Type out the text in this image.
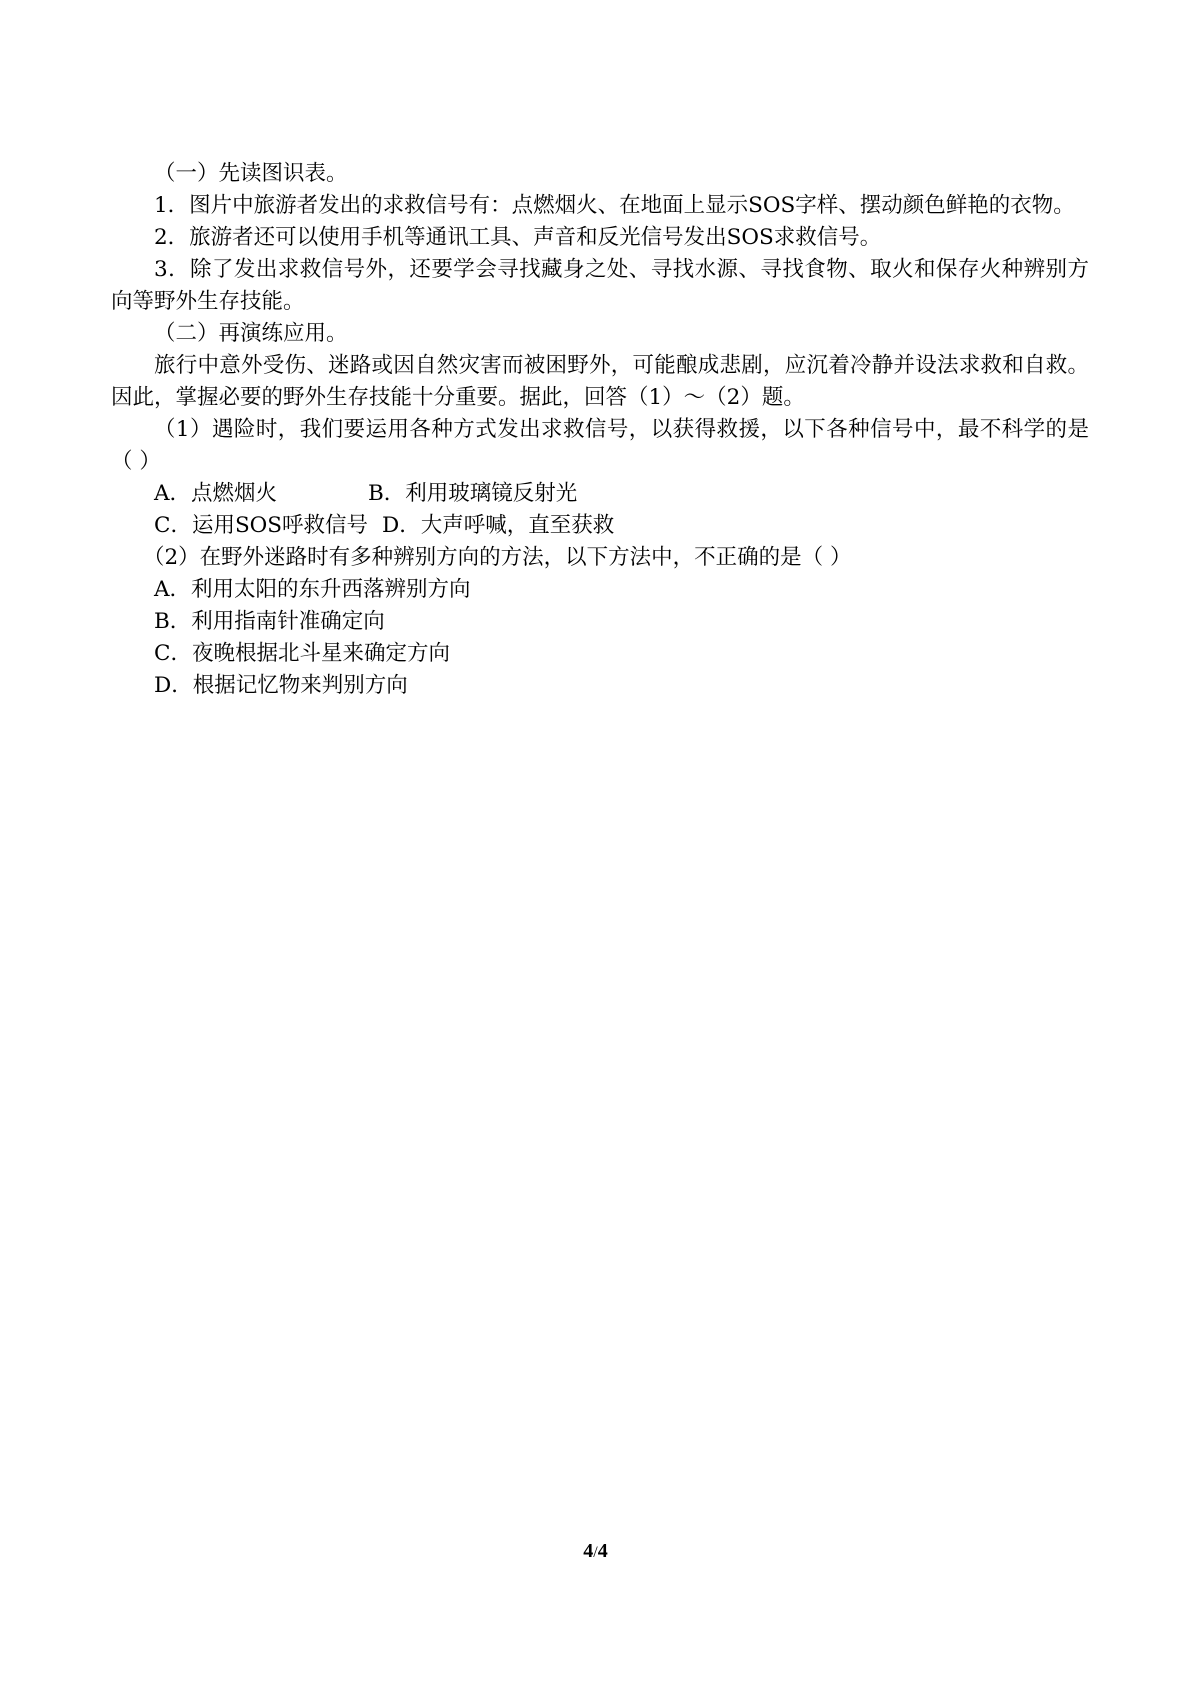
（一）先读图识表。

1．图片中旅游者发出的求救信号有：点燃烟火、在地面上显示SOS字样、摆动颜色鲜艳的衣物。

2．旅游者还可以使用手机等通讯工具、声音和反光信号发出SOS求救信号。

3．除了发出求救信号外，还要学会寻找藏身之处、寻找水源、寻找食物、取火和保存火种辨别方向等野外生存技能。

（二）再演练应用。

旅行中意外受伤、迷路或因自然灾害而被困野外，可能酿成悲剧，应沉着冷静并设法求救和自救。因此，掌握必要的野外生存技能十分重要。据此，回答（1）～（2）题。

（1）遇险时，我们要运用各种方式发出求救信号，以获得救援，以下各种信号中，最不科学的是（ ）

A．点燃烟火	B．利用玻璃镜反射光

C．运用SOS呼救信号 D．大声呼喊，直至获救

（2）在野外迷路时有多种辨别方向的方法，以下方法中，不正确的是（ ）

A．利用太阳的东升西落辨别方向

B．利用指南针准确定向

C．夜晚根据北斗星来确定方向

D．根据记忆物来判别方向

4/4
